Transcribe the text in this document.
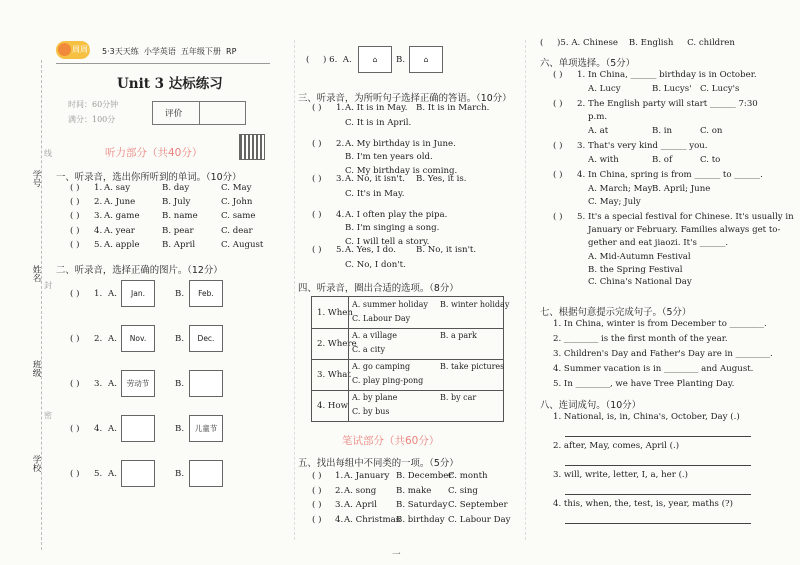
学号
姓名
班级
学校
线
封
密
周周卷 5·3天天练 小学英语 五年级下册 RP
Unit 3 达标练习
时间：60分钟
满分：100分
评价
听力部分（共40分）
一、听录音，选出你所听到的单词。（10分）
( ) 1. A. say	B. day	C. May
( ) 2. A. June	B. July	C. John
( ) 3. A. game	B. name	C. same
( ) 4. A. year	B. pear	C. dear
( ) 5. A. apple	B. April	C. August
二、听录音，选择正确的图片。（12分）
( ) 1. A.	Jan.	B.	Feb.
( ) 2. A.	Nov.	B.	Dec.
( ) 3. A.	劳动节	B.
( ) 4. A.	B.	儿童节
( ) 5. A.	B.
(     ) 6.  A.	⌂	B.	⌂
三、听录音，为所听句子选择正确的答语。（10分）
( ) 1. A. It is in May. B. It is in March.
C. It is in April.
( ) 2. A. My birthday is in June.
B. I'm ten years old.
C. My birthday is coming.
( ) 3. A. No, it isn't. B. Yes, it is.
C. It's in May.
( ) 4. A. I often play the pipa.
B. I'm singing a song.
C. I will tell a story.
( ) 5. A. Yes, I do. B. No, it isn't.
C. No, I don't.
四、听录音，圈出合适的选项。（8分）
1. When
A. summer holiday B. winter holiday
C. Labour Day
2. Where
A. a village	B. a park
C. a city
3. What
A. go camping	B. take pictures
C. play ping-pong
4. How
A. by plane	B. by car
C. by bus
笔试部分（共60分）
五、找出每组中不同类的一项。（5分）
( ) 1. A. January B. December
C. month
( ) 2. A. song B. make C. sing
( ) 3. A. April B. Saturday C. September
( ) 4. A. Christmas
B. birthday C. Labour Day
一
(     )5. A. Chinese B. English C. children
六、单项选择。（5分）
( ) 1. In China, ______ birthday is in October.
A. Lucy	B. Lucys' C. Lucy's
( ) 2. The English party will start ______ 7:30
p.m.
A. at	B. in	C. on
( ) 3. That's very kind ______ you.
A. with	B. of	C. to
( ) 4. In China, spring is from ______ to ______.
A. March; May B. April; June
C. May; July
( ) 5. It's a special festival for Chinese. It's usually in
January or February. Families always get to-
gether and eat jiaozi. It's ______.
A. Mid-Autumn Festival
B. the Spring Festival
C. China's National Day
七、根据句意提示完成句子。（5分）
1. In China, winter is from December to ________.
2. ________ is the first month of the year.
3. Children's Day and Father's Day are in ________.
4. Summer vacation is in ________ and August.
5. In ________, we have Tree Planting Day.
八、连词成句。（10分）
1. National, is, in, China's, October, Day (.)
2. after, May, comes, April (.)
3. will, write, letter, I, a, her (.)
4. this, when, the, test, is, year, maths (?)
